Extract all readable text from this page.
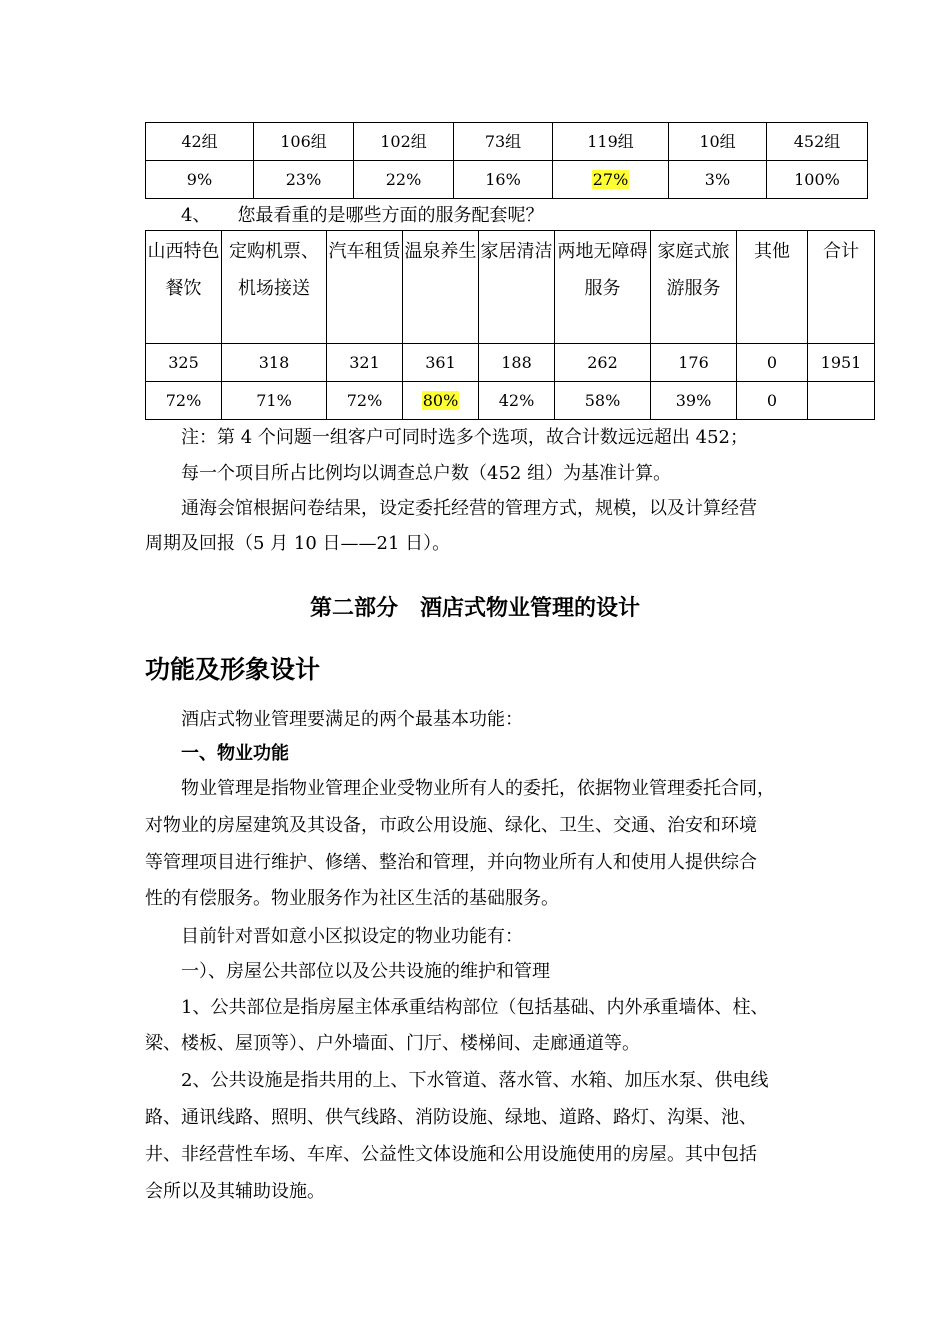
42组	106组	102组	73组	119组	10组	452组
9%	23%	22%	16%	27%	3%	100%
4、　　您最看重的是哪些方面的服务配套呢？
山西特色餐饮	定购机票、机场接送	汽车租赁	温泉养生	家居清洁	两地无障碍服务	家庭式旅游服务	其他	合计
325	318	321	361	188	262	176	0	1951
72%	71%	72%	80%	42%	58%	39%	0	
注：第 4 个问题一组客户可同时选多个选项，故合计数远远超出 452；
每一个项目所占比例均以调查总户数（452 组）为基准计算。
通海会馆根据问卷结果，设定委托经营的管理方式，规模，以及计算经营
周期及回报（5 月 10 日——21 日）。
第二部分　酒店式物业管理的设计
功能及形象设计
酒店式物业管理要满足的两个最基本功能：
一、物业功能
物业管理是指物业管理企业受物业所有人的委托，依据物业管理委托合同，
对物业的房屋建筑及其设备，市政公用设施、绿化、卫生、交通、治安和环境
等管理项目进行维护、修缮、整治和管理，并向物业所有人和使用人提供综合
性的有偿服务。物业服务作为社区生活的基础服务。
目前针对晋如意小区拟设定的物业功能有：
一）、房屋公共部位以及公共设施的维护和管理
1、公共部位是指房屋主体承重结构部位（包括基础、内外承重墙体、柱、
梁、楼板、屋顶等）、户外墙面、门厅、楼梯间、走廊通道等。
2、公共设施是指共用的上、下水管道、落水管、水箱、加压水泵、供电线
路、通讯线路、照明、供气线路、消防设施、绿地、道路、路灯、沟渠、池、
井、非经营性车场、车库、公益性文体设施和公用设施使用的房屋。其中包括
会所以及其辅助设施。
